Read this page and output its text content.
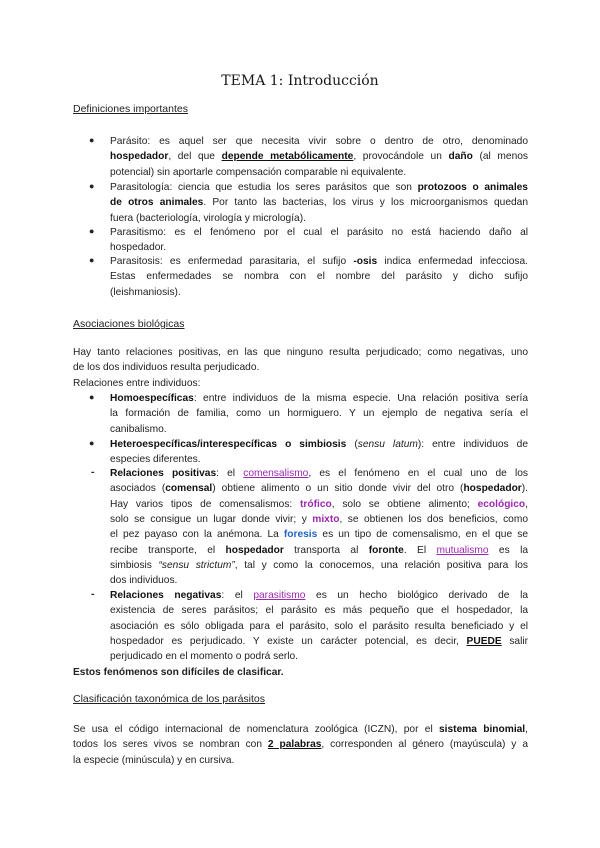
TEMA 1: Introducción
Definiciones importantes
● Parásito: es aquel ser que necesita vivir sobre o dentro de otro, denominado
hospedador, del que depende metabólicamente, provocándole un daño (al menos
potencial) sin aportarle compensación comparable ni equivalente.
● Parasitología: ciencia que estudia los seres parásitos que son protozoos o animales
de otros animales. Por tanto las bacterias, los virus y los microorganismos quedan
fuera (bacteriología, virología y micrología).
● Parasitismo: es el fenómeno por el cual el parásito no está haciendo daño al
hospedador.
● Parasitosis: es enfermedad parasitaria, el sufijo -osis indica enfermedad infecciosa.
Estas enfermedades se nombra con el nombre del parásito y dicho sufijo
(leishmaniosis).
Asociaciones biológicas
Hay tanto relaciones positivas, en las que ninguno resulta perjudicado; como negativas, uno
de los dos individuos resulta perjudicado.
Relaciones entre individuos:
● Homoespecíficas: entre individuos de la misma especie. Una relación positiva sería
la formación de familia, como un hormiguero. Y un ejemplo de negativa sería el
canibalismo.
● Heteroespecíficas/interespecíficas o simbiosis (sensu latum): entre individuos de
especies diferentes.
- Relaciones positivas: el comensalismo, es el fenómeno en el cual uno de los
asociados (comensal) obtiene alimento o un sitio donde vivir del otro (hospedador).
Hay varios tipos de comensalismos: trófico, solo se obtiene alimento; ecológico,
solo se consigue un lugar donde vivir; y mixto, se obtienen los dos beneficios, como
el pez payaso con la anémona. La foresis es un tipo de comensalismo, en el que se
recibe transporte, el hospedador transporta al foronte. El mutualismo es la
simbiosis “sensu strictum”, tal y como la conocemos, una relación positiva para los
dos individuos.
- Relaciones negativas: el parasitismo es un hecho biológico derivado de la
existencia de seres parásitos; el parásito es más pequeño que el hospedador, la
asociación es sólo obligada para el parásito, solo el parásito resulta beneficiado y el
hospedador es perjudicado. Y existe un carácter potencial, es decir, PUEDE salir
perjudicado en el momento o podrá serlo.
Estos fenómenos son difíciles de clasificar.
Clasificación taxonómica de los parásitos
Se usa el código internacional de nomenclatura zoológica (ICZN), por el sistema binomial,
todos los seres vivos se nombran con 2 palabras, corresponden al género (mayúscula) y a
la especie (minúscula) y en cursiva.
